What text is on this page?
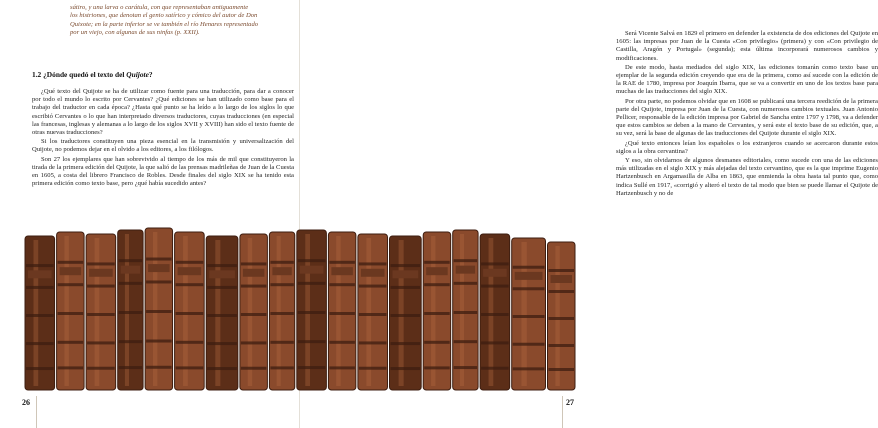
sátiro, y una larva o carátula, con que representaban antiguamente

los histriones, que denotan el genio satírico y cómico del autor de Don

Quixote; en la parte inferior se ve también el río Henares representado

por un viejo, con algunas de sus ninfas (p. XXII).

1.2 ¿Dónde quedó el texto del Quijote?

¿Qué texto del Quijote se ha de utilizar como fuente para una traducción, para dar a conocer por todo el mundo lo escrito por Cervantes? ¿Qué ediciones se han utilizado como base para el trabajo del traductor en cada época? ¿Hasta qué punto se ha leído a lo largo de los siglos lo que escribió Cervantes o lo que han interpretado diversos traductores, cuyas traducciones (en especial las francesas, inglesas y alemanas a lo largo de los siglos XVII y XVIII) han sido el texto fuente de otras nuevas traducciones?

Si los traductores constituyen una pieza esencial en la transmisión y universalización del Quijote, no podemos dejar en el olvido a los editores, a los filólogos.

Son 27 los ejemplares que han sobrevivido al tiempo de los más de mil que constituyeron la tirada de la primera edición del Quijote, la que salió de las prensas madrileñas de Juan de la Cuesta en 1605, a costa del librero Francisco de Robles. Desde finales del siglo XIX se ha tenido esta primera edición como texto base, pero ¿qué había sucedido antes?

26

Será Vicente Salvá en 1829 el primero en defender la existencia de dos ediciones del Quijote en 1605: las impresas por Juan de la Cuesta «Con privilegio» (primera) y con «Con privilegio de Castilla, Aragón y Portugal» (segunda); esta última incorporará numerosos cambios y modificaciones.

De este modo, hasta mediados del siglo XIX, las ediciones tomarán como texto base un ejemplar de la segunda edición creyendo que era de la primera, como así sucede con la edición de la RAE de 1780, impresa por Joaquín Ibarra, que se va a convertir en uno de los textos base para muchas de las traducciones del siglo XIX.

Por otra parte, no podemos olvidar que en 1608 se publicará una tercera reedición de la primera parte del Quijote, impresa por Juan de la Cuesta, con numerosos cambios textuales. Juan Antonio Pellicer, responsable de la edición impresa por Gabriel de Sancha entre 1797 y 1798, va a defender que estos cambios se deben a la mano de Cervantes, y será este el texto base de su edición, que, a su vez, será la base de algunas de las traducciones del Quijote durante el siglo XIX.

¿Qué texto entonces leían los españoles o los extranjeros cuando se acercaron durante estos siglos a la obra cervantina?

Y eso, sin olvidarnos de algunos desmanes editoriales, como sucede con una de las ediciones más utilizadas en el siglo XIX y más alejadas del texto cervantino, que es la que imprime Eugenio Hartzenbusch en Argamasilla de Alba en 1863, que enmienda la obra hasta tal punto que, como indica Sullé en 1917, «corrigió y alteró el texto de tal modo que bien se puede llamar el Quijote de Hartzenbusch y no de

27
